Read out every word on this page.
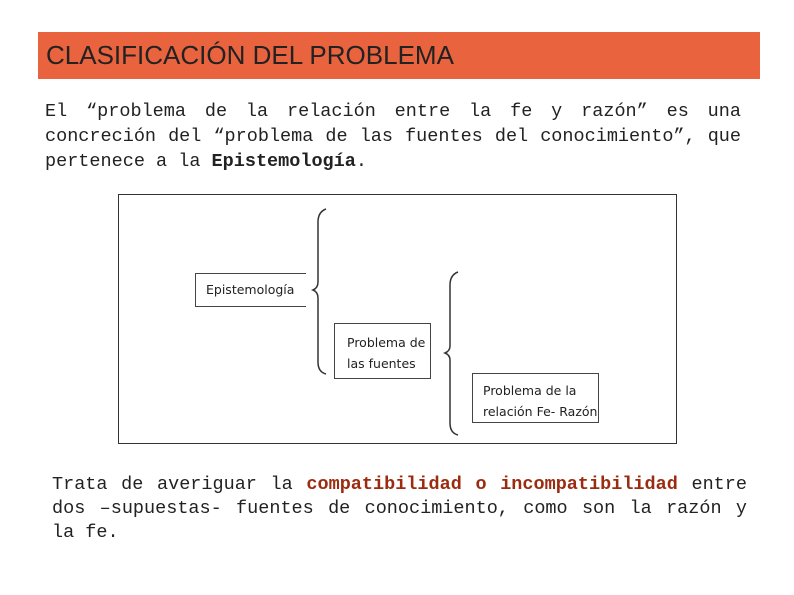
CLASIFICACIÓN DEL PROBLEMA

El “problema de la relación entre la fe y razón” es una concreción del “problema de las fuentes del conocimiento”, que pertenece a la Epistemología.

Epistemología
Problema de
las fuentes
Problema de la
relación Fe- Razón

Trata de averiguar la compatibilidad o incompatibilidad entre dos –supuestas- fuentes de conocimiento, como son la razón y la fe.
